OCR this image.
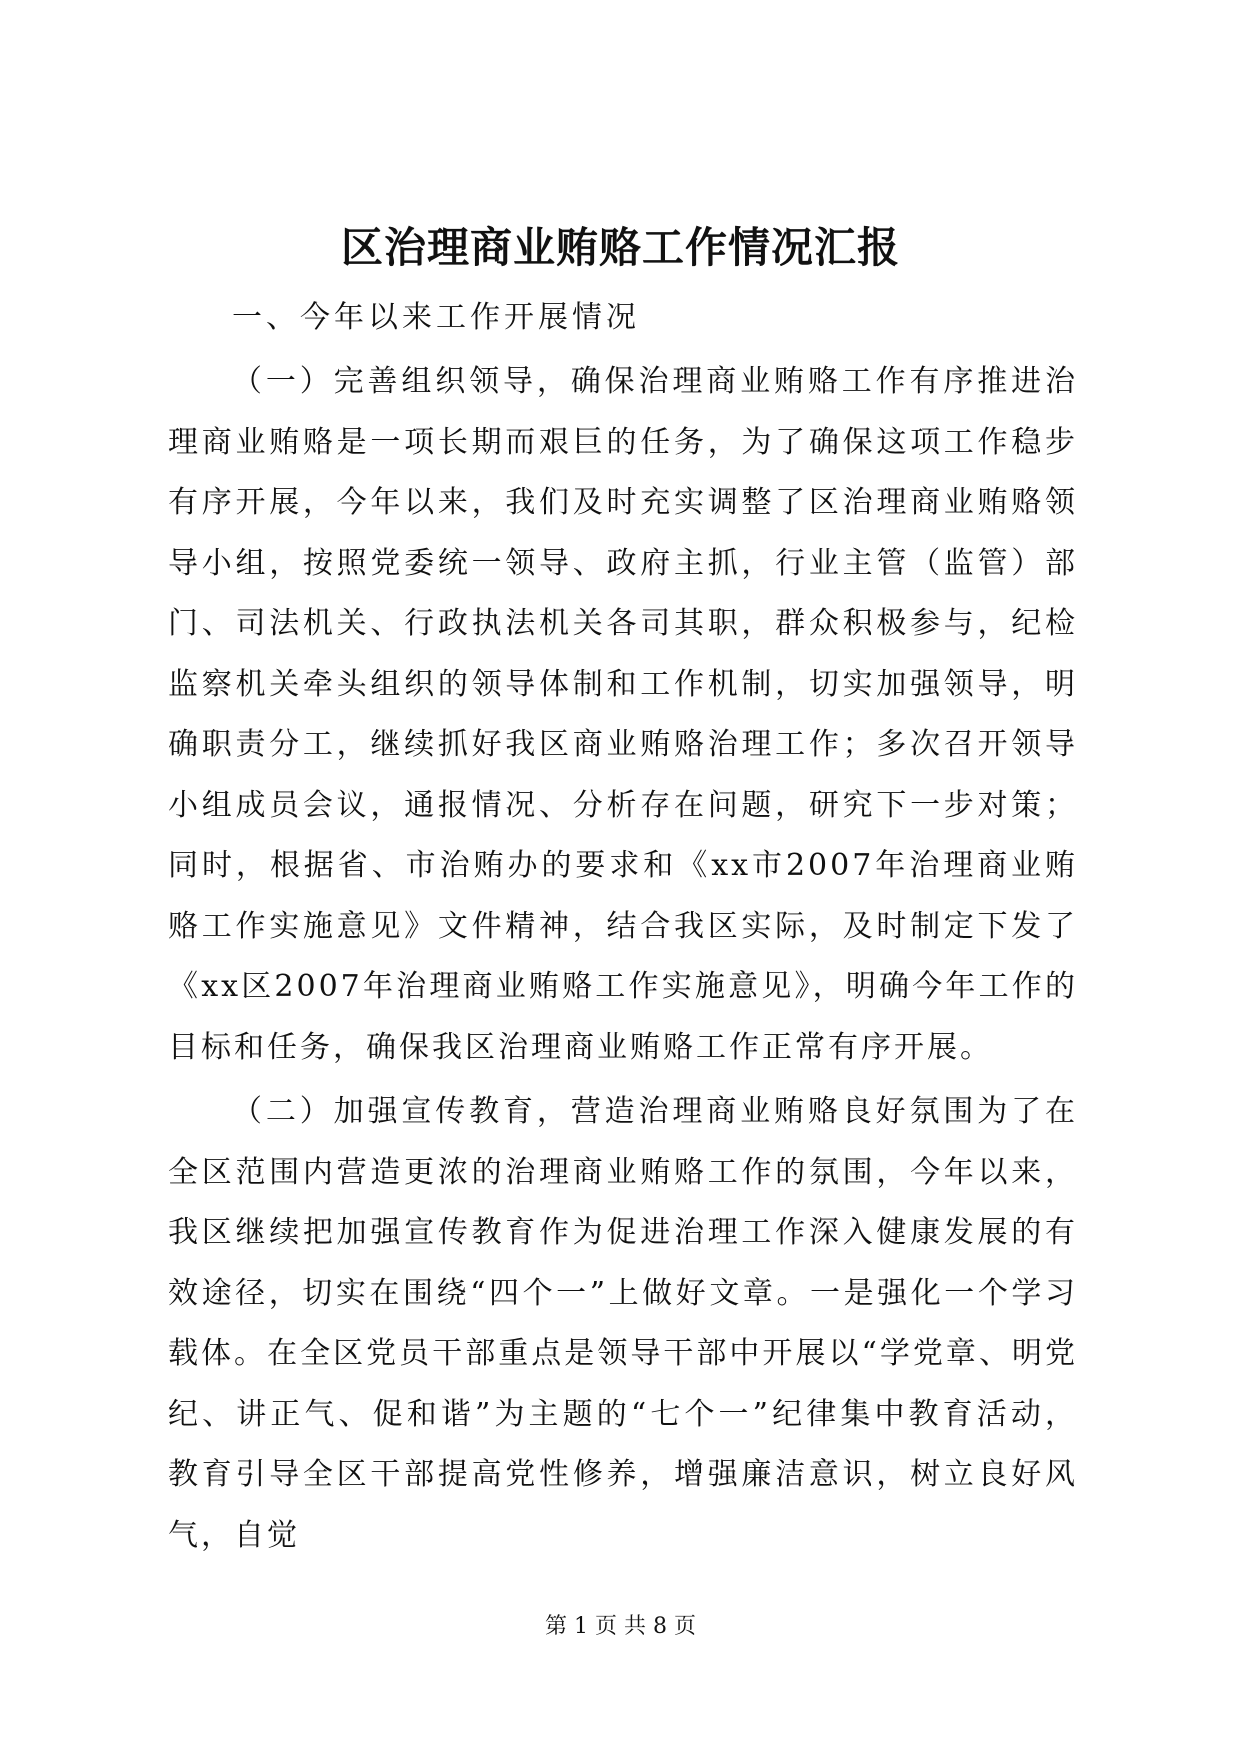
区治理商业贿赂工作情况汇报
一、今年以来工作开展情况

（一）完善组织领导，确保治理商业贿赂工作有序推进治理商业贿赂是一项长期而艰巨的任务，为了确保这项工作稳步有序开展，今年以来，我们及时充实调整了区治理商业贿赂领导小组，按照党委统一领导、政府主抓，行业主管（监管）部门、司法机关、行政执法机关各司其职，群众积极参与，纪检监察机关牵头组织的领导体制和工作机制，切实加强领导，明确职责分工，继续抓好我区商业贿赂治理工作；多次召开领导小组成员会议，通报情况、分析存在问题，研究下一步对策；同时，根据省、市治贿办的要求和《xx市2007年治理商业贿赂工作实施意见》文件精神，结合我区实际，及时制定下发了《xx区2007年治理商业贿赂工作实施意见》，明确今年工作的目标和任务，确保我区治理商业贿赂工作正常有序开展。

（二）加强宣传教育，营造治理商业贿赂良好氛围为了在全区范围内营造更浓的治理商业贿赂工作的氛围，今年以来，我区继续把加强宣传教育作为促进治理工作深入健康发展的有效途径，切实在围绕“四个一”上做好文章。一是强化一个学习载体。在全区党员干部重点是领导干部中开展以“学党章、明党纪、讲正气、促和谐”为主题的“七个一”纪律集中教育活动，教育引导全区干部提高党性修养，增强廉洁意识，树立良好风气，自觉

第 1 页 共 8 页
